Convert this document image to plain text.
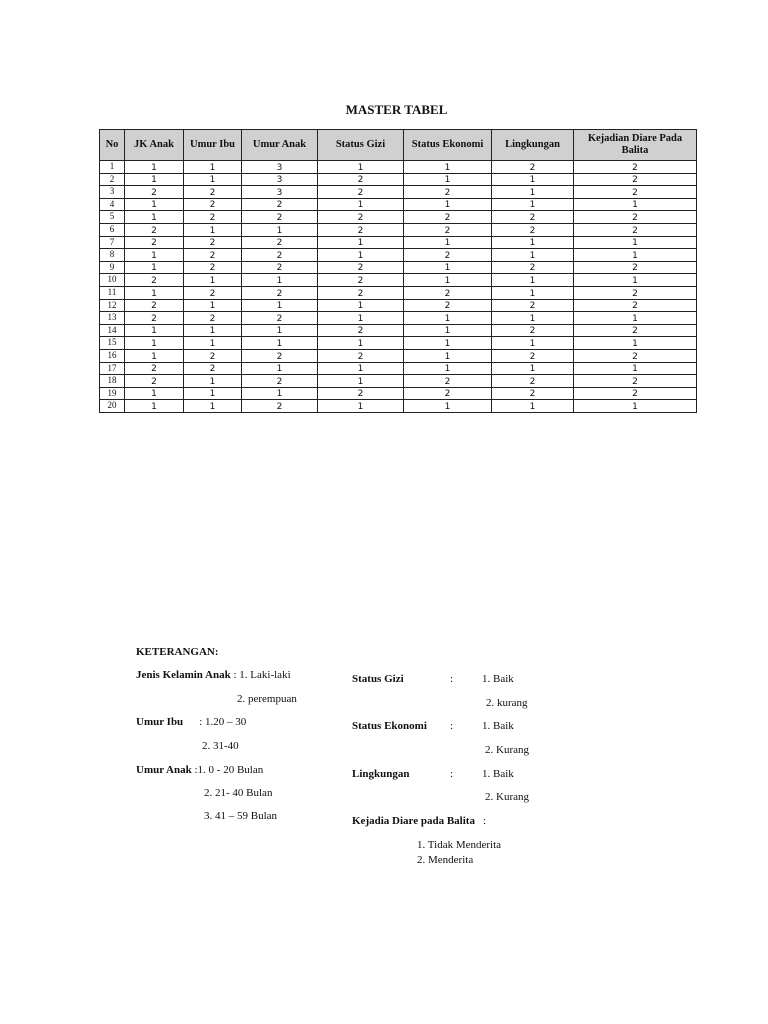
MASTER TABEL
No	JK Anak	Umur Ibu	Umur Anak	Status Gizi	Status Ekonomi	Lingkungan	Kejadian Diare Pada Balita
1	1	1	3	1	1	2	2
2	1	1	3	2	1	1	2
3	2	2	3	2	2	1	2
4	1	2	2	1	1	1	1
5	1	2	2	2	2	2	2
6	2	1	1	2	2	2	2
7	2	2	2	1	1	1	1
8	1	2	2	1	2	1	1
9	1	2	2	2	1	2	2
10	2	1	1	2	1	1	1
11	1	2	2	2	2	1	2
12	2	1	1	1	2	2	2
13	2	2	2	1	1	1	1
14	1	1	1	2	1	2	2
15	1	1	1	1	1	1	1
16	1	2	2	2	1	2	2
17	2	2	1	1	1	1	1
18	2	1	2	1	2	2	2
19	1	1	1	2	2	2	2
20	1	1	2	1	1	1	1
KETERANGAN:
Jenis Kelamin Anak : 1. Laki-laki
2. perempuan
Umur Ibu : 1.20 – 30
2. 31-40
Umur Anak :1. 0 - 20 Bulan
2. 21- 40 Bulan
3. 41 – 59 Bulan
Status Gizi	:	1. Baik
2. kurang
Status Ekonomi :	1. Baik
2. Kurang
Lingkungan	:	1. Baik
2. Kurang
Kejadia Diare pada Balita :
1. Tidak Menderita
2. Menderita
